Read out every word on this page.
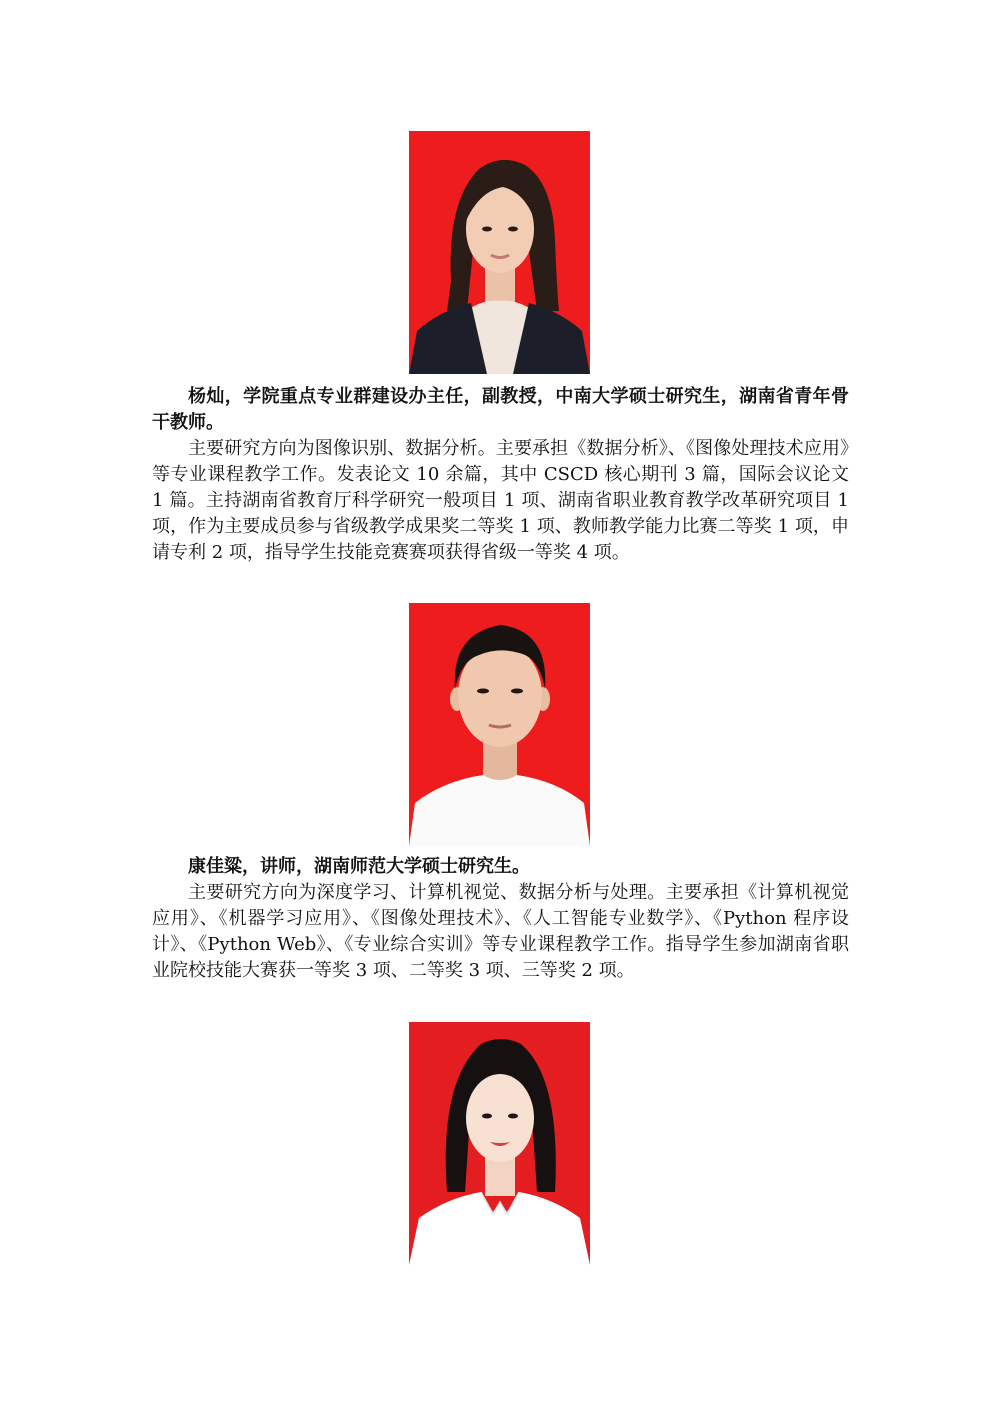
杨灿，学院重点专业群建设办主任，副教授，中南大学硕士研究生，湖南省青年骨干教师。

主要研究方向为图像识别、数据分析。主要承担《数据分析》、《图像处理技术应用》等专业课程教学工作。发表论文 10 余篇，其中 CSCD 核心期刊 3 篇，国际会议论文 1 篇。主持湖南省教育厅科学研究一般项目 1 项、湖南省职业教育教学改革研究项目 1 项，作为主要成员参与省级教学成果奖二等奖 1 项、教师教学能力比赛二等奖 1 项，申请专利 2 项，指导学生技能竞赛赛项获得省级一等奖 4 项。

康佳粱，讲师，湖南师范大学硕士研究生。

主要研究方向为深度学习、计算机视觉、数据分析与处理。主要承担《计算机视觉应用》、《机器学习应用》、《图像处理技术》、《人工智能专业数学》、《Python 程序设计》、《Python Web》、《专业综合实训》等专业课程教学工作。指导学生参加湖南省职业院校技能大赛获一等奖 3 项、二等奖 3 项、三等奖 2 项。
